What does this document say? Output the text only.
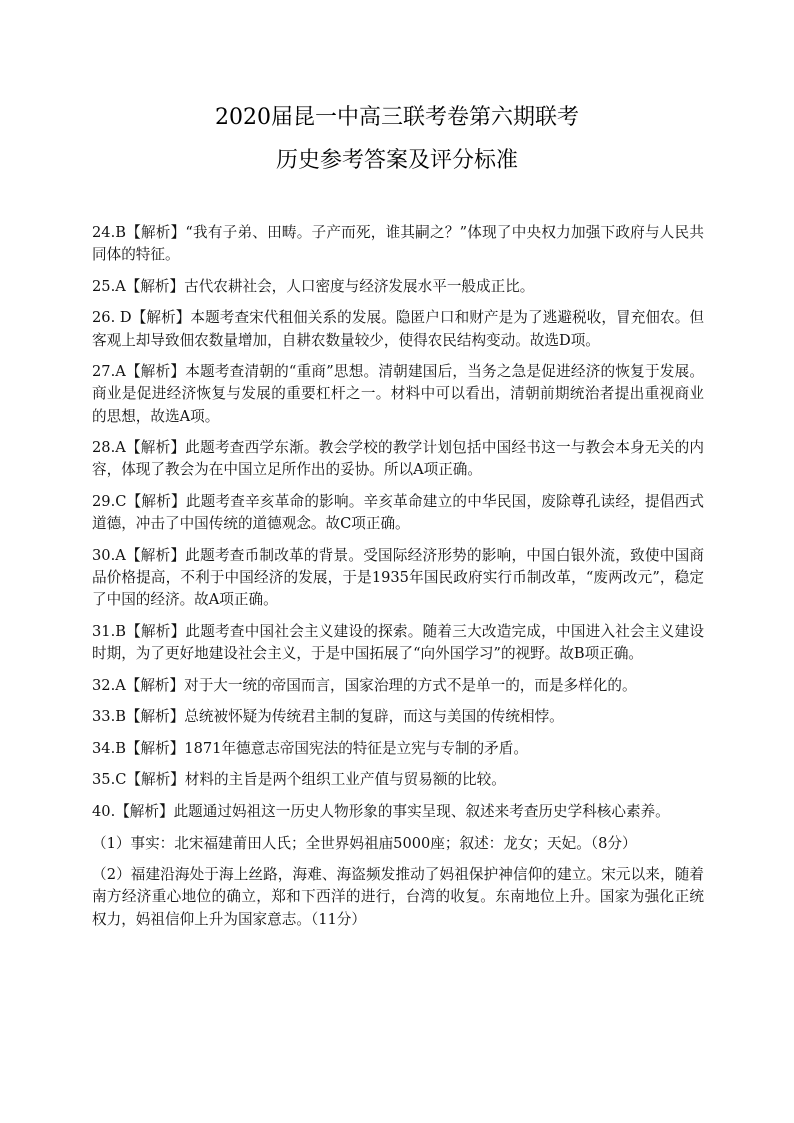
2020届昆一中高三联考卷第六期联考
历史参考答案及评分标准

24.B【解析】“我有子弟、田畴。子产而死，谁其嗣之？”体现了中央权力加强下政府与人民共同体的特征。

25.A【解析】古代农耕社会，人口密度与经济发展水平一般成正比。

26. D【解析】本题考查宋代租佃关系的发展。隐匿户口和财产是为了逃避税收，冒充佃农。但客观上却导致佃农数量增加，自耕农数量较少，使得农民结构变动。故选D项。

27.A【解析】本题考查清朝的“重商”思想。清朝建国后，当务之急是促进经济的恢复于发展。商业是促进经济恢复与发展的重要杠杆之一。材料中可以看出，清朝前期统治者提出重视商业的思想，故选A项。

28.A【解析】此题考查西学东渐。教会学校的教学计划包括中国经书这一与教会本身无关的内容，体现了教会为在中国立足所作出的妥协。所以A项正确。

29.C【解析】此题考查辛亥革命的影响。辛亥革命建立的中华民国，废除尊孔读经，提倡西式道德，冲击了中国传统的道德观念。故C项正确。

30.A【解析】此题考查币制改革的背景。受国际经济形势的影响，中国白银外流，致使中国商品价格提高，不利于中国经济的发展，于是1935年国民政府实行币制改革，“废两改元”，稳定了中国的经济。故A项正确。

31.B【解析】此题考查中国社会主义建设的探索。随着三大改造完成，中国进入社会主义建设时期，为了更好地建设社会主义，于是中国拓展了“向外国学习”的视野。故B项正确。

32.A【解析】对于大一统的帝国而言，国家治理的方式不是单一的，而是多样化的。

33.B【解析】总统被怀疑为传统君主制的复辟，而这与美国的传统相悖。

34.B【解析】1871年德意志帝国宪法的特征是立宪与专制的矛盾。

35.C【解析】材料的主旨是两个组织工业产值与贸易额的比较。

40.【解析】此题通过妈祖这一历史人物形象的事实呈现、叙述来考查历史学科核心素养。

（1）事实：北宋福建莆田人氏；全世界妈祖庙5000座；叙述：龙女；天妃。（8分）

（2）福建沿海处于海上丝路，海难、海盗频发推动了妈祖保护神信仰的建立。宋元以来，随着南方经济重心地位的确立，郑和下西洋的进行，台湾的收复。东南地位上升。国家为强化正统权力，妈祖信仰上升为国家意志。（11分）
